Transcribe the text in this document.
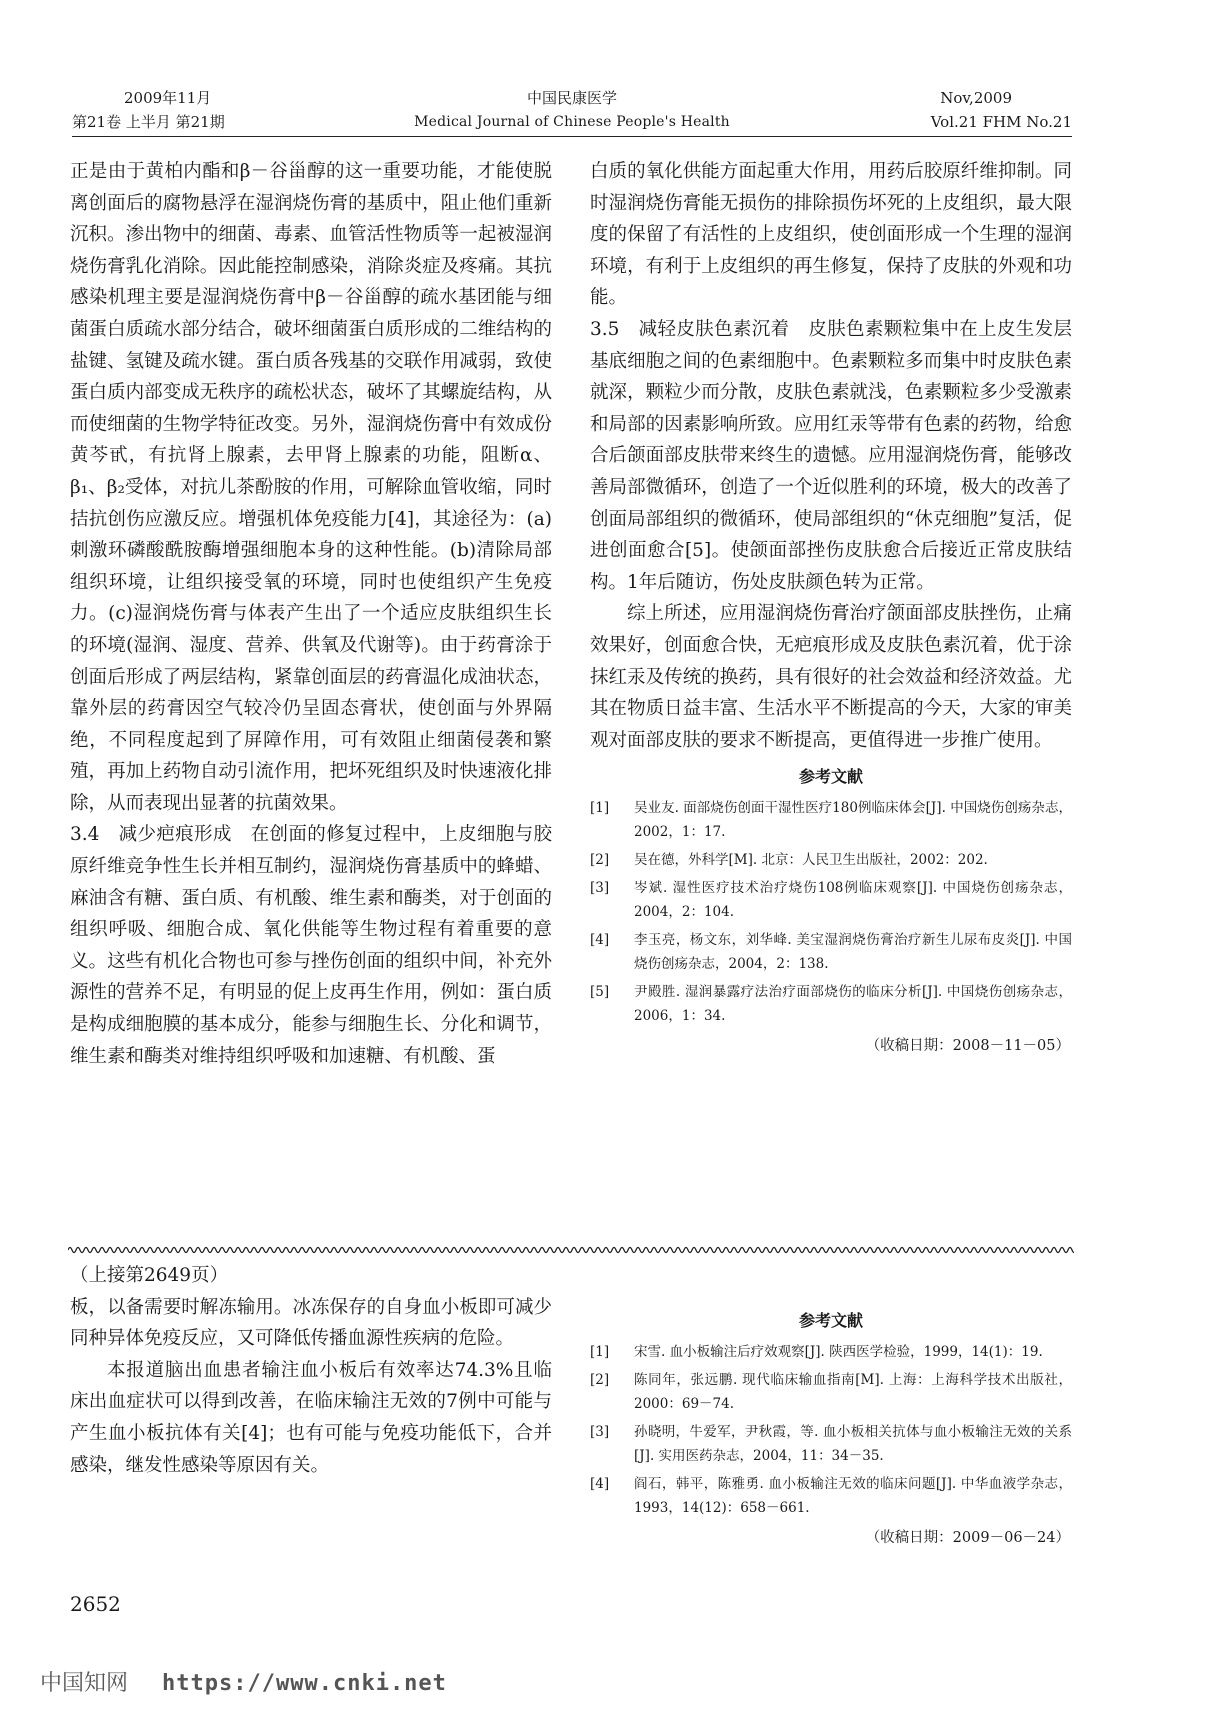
2009年11月
第21卷 上半月 第21期
中国民康医学
Medical Journal of Chinese People's Health
Nov,2009
Vol.21 FHM No.21

正是由于黄柏内酯和β－谷甾醇的这一重要功能，才能使脱离创面后的腐物悬浮在湿润烧伤膏的基质中，阻止他们重新沉积。渗出物中的细菌、毒素、血管活性物质等一起被湿润烧伤膏乳化消除。因此能控制感染，消除炎症及疼痛。其抗感染机理主要是湿润烧伤膏中β－谷甾醇的疏水基团能与细菌蛋白质疏水部分结合，破坏细菌蛋白质形成的二维结构的盐键、氢键及疏水键。蛋白质各残基的交联作用减弱，致使蛋白质内部变成无秩序的疏松状态，破坏了其螺旋结构，从而使细菌的生物学特征改变。另外，湿润烧伤膏中有效成份黄芩甙，有抗肾上腺素，去甲肾上腺素的功能，阻断α、β₁、β₂受体，对抗儿茶酚胺的作用，可解除血管收缩，同时拮抗创伤应激反应。增强机体免疫能力[4]，其途径为：(a)刺激环磷酸酰胺酶增强细胞本身的这种性能。(b)清除局部组织环境，让组织接受氧的环境，同时也使组织产生免疫力。(c)湿润烧伤膏与体表产生出了一个适应皮肤组织生长的环境(湿润、湿度、营养、供氧及代谢等)。由于药膏涂于创面后形成了两层结构，紧靠创面层的药膏温化成油状态，靠外层的药膏因空气较冷仍呈固态膏状，使创面与外界隔绝，不同程度起到了屏障作用，可有效阻止细菌侵袭和繁殖，再加上药物自动引流作用，把坏死组织及时快速液化排除，从而表现出显著的抗菌效果。

3.4　减少疤痕形成　在创面的修复过程中，上皮细胞与胶原纤维竞争性生长并相互制约，湿润烧伤膏基质中的蜂蜡、麻油含有糖、蛋白质、有机酸、维生素和酶类，对于创面的组织呼吸、细胞合成、氧化供能等生物过程有着重要的意义。这些有机化合物也可参与挫伤创面的组织中间，补充外源性的营养不足，有明显的促上皮再生作用，例如：蛋白质是构成细胞膜的基本成分，能参与细胞生长、分化和调节，维生素和酶类对维持组织呼吸和加速糖、有机酸、蛋

白质的氧化供能方面起重大作用，用药后胶原纤维抑制。同时湿润烧伤膏能无损伤的排除损伤坏死的上皮组织，最大限度的保留了有活性的上皮组织，使创面形成一个生理的湿润环境，有利于上皮组织的再生修复，保持了皮肤的外观和功能。

3.5　减轻皮肤色素沉着　皮肤色素颗粒集中在上皮生发层基底细胞之间的色素细胞中。色素颗粒多而集中时皮肤色素就深，颗粒少而分散，皮肤色素就浅，色素颗粒多少受激素和局部的因素影响所致。应用红汞等带有色素的药物，给愈合后颌面部皮肤带来终生的遗憾。应用湿润烧伤膏，能够改善局部微循环，创造了一个近似胜利的环境，极大的改善了创面局部组织的微循环，使局部组织的“休克细胞”复活，促进创面愈合[5]。使颌面部挫伤皮肤愈合后接近正常皮肤结构。1年后随访，伤处皮肤颜色转为正常。

综上所述，应用湿润烧伤膏治疗颌面部皮肤挫伤，止痛效果好，创面愈合快，无疤痕形成及皮肤色素沉着，优于涂抹红汞及传统的换药，具有很好的社会效益和经济效益。尤其在物质日益丰富、生活水平不断提高的今天，大家的审美观对面部皮肤的要求不断提高，更值得进一步推广使用。

参考文献
[1]	吴业友. 面部烧伤创面干湿性医疗180例临床体会[J]. 中国烧伤创疡杂志，2002，1：17.
[2]	吴在德，外科学[M]. 北京：人民卫生出版社，2002：202.
[3]	岑斌. 湿性医疗技术治疗烧伤108例临床观察[J]. 中国烧伤创疡杂志，2004，2：104.
[4]	李玉亮，杨文东，刘华峰. 美宝湿润烧伤膏治疗新生儿尿布皮炎[J]. 中国烧伤创疡杂志，2004，2：138.
[5]	尹殿胜. 湿润暴露疗法治疗面部烧伤的临床分析[J]. 中国烧伤创疡杂志，2006，1：34.
（收稿日期：2008－11－05）

（上接第2649页）

板，以备需要时解冻输用。冰冻保存的自身血小板即可减少同种异体免疫反应，又可降低传播血源性疾病的危险。

本报道脑出血患者输注血小板后有效率达74.3%且临床出血症状可以得到改善，在临床输注无效的7例中可能与产生血小板抗体有关[4]；也有可能与免疫功能低下，合并感染，继发性感染等原因有关。

参考文献
[1]	宋雪. 血小板输注后疗效观察[J]. 陕西医学检验，1999，14(1)：19.
[2]	陈同年，张远鹏. 现代临床输血指南[M]. 上海：上海科学技术出版社，2000：69－74.
[3]	孙晓明，牛爱军，尹秋霞，等. 血小板相关抗体与血小板输注无效的关系[J]. 实用医药杂志，2004，11：34－35.
[4]	阎石，韩平，陈雅勇. 血小板输注无效的临床问题[J]. 中华血液学杂志，1993，14(12)：658－661.
（收稿日期：2009－06－24）
2652
中国知网 https://www.cnki.net
